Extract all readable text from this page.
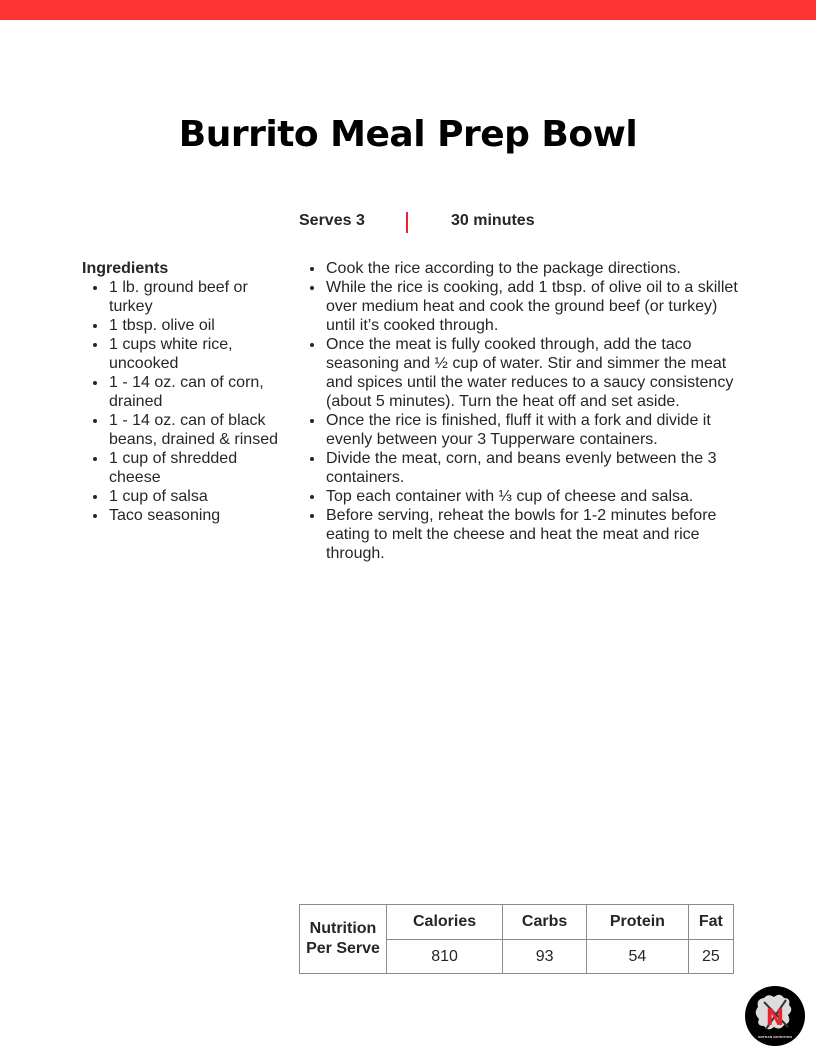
Burrito Meal Prep Bowl
Serves 3	30 minutes

Ingredients

1 lb. ground beef or turkey
1 tbsp. olive oil
1 cups white rice, uncooked
1 - 14 oz. can of corn, drained
1 - 14 oz. can of black beans, drained & rinsed
1 cup of shredded cheese
1 cup of salsa
Taco seasoning
Cook the rice according to the package directions.
While the rice is cooking, add 1 tbsp. of olive oil to a skillet over medium heat and cook the ground beef (or turkey) until it’s cooked through.
Once the meat is fully cooked through, add the taco seasoning and ½ cup of water. Stir and simmer the meat and spices until the water reduces to a saucy consistency (about 5 minutes). Turn the heat off and set aside.
Once the rice is finished, fluff it with a fork and divide it evenly between your 3 Tupperware containers.
Divide the meat, corn, and beans evenly between the 3 containers.
Top each container with ⅓ cup of cheese and salsa.
Before serving, reheat the bowls for 1-2 minutes before eating to melt the cheese and heat the meat and rice through.
Nutrition
Per Serve	Calories	Carbs	Protein	Fat
	810	93	54	25
N
NATHAN NUTRITION
